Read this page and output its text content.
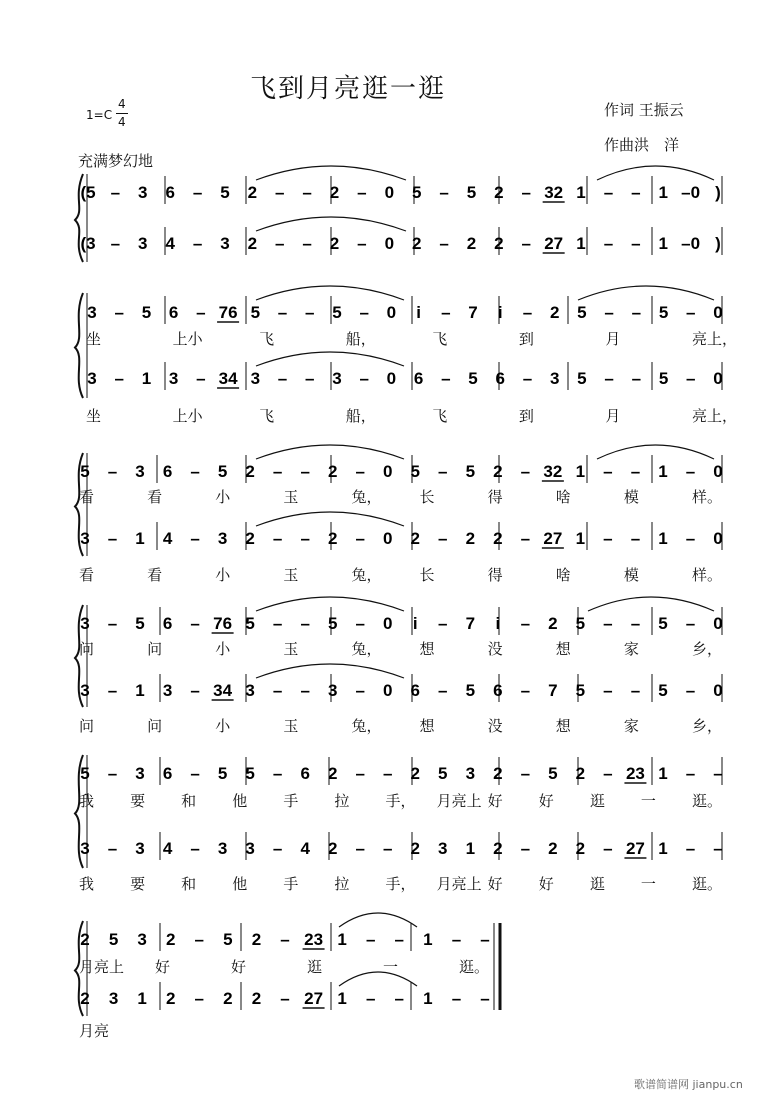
飞到月亮逛一逛
1=C
4
4
作词 王振云
作曲洪　洋
充满梦幻地
歌谱简谱网 jianpu.cn
(5 – 3 6 – 5 2 – – 2 – 0 5 – 5 2 – 32 1 – – 1 –0 )
(3 – 3 4 – 3 2 – – 2 – 0 2 – 2 2 – 27 1 – – 1 –0 )
3 – 5 6 – 76 5 – – 5 – 0 i – 7 i – 2 5 – – 5 – 0
3 – 1 3 – 34 3 – – 3 – 0 6 – 5 6 – 3 5 – – 5 – 0
5 – 3 6 – 5 2 – – 2 – 0 5 – 5 2 – 32 1 – – 1 – 0
3 – 1 4 – 3 2 – – 2 – 0 2 – 2 2 – 27 1 – – 1 – 0
3 – 5 6 – 76 5 – – 5 – 0 i – 7 i – 2 5 – – 5 – 0
3 – 1 3 – 34 3 – – 3 – 0 6 – 5 6 – 7 5 – – 5 – 0
5 – 3 6 – 5 5 – 6 2 – – 2 5 3 2 – 5 2 – 23 1 – –
3 – 3 4 – 3 3 – 4 2 – – 2 3 1 2 – 2 2 – 27 1 – –
2 5 3 2 – 5 2 – 23 1 – – 1 – –
2 3 1 2 – 2 2 – 27 1 – – 1 – –
坐	上小	飞	船，	飞	到	月	亮上，
坐	上小	飞	船，	飞	到	月	亮上，
看	看	小	玉	兔，	长	得	啥	模	样。
看	看	小	玉	兔，	长	得	啥	模	样。
问	问	小	玉	兔，	想	没	想	家	乡，
问	问	小	玉	兔，	想	没	想	家	乡，
我 要 和 他 手 拉 手， 月亮上 好 好 逛 一 逛。
我 要 和 他 手 拉 手， 月亮上 好 好 逛 一 逛。
月亮上 好	好	逛	一	逛。
月亮
